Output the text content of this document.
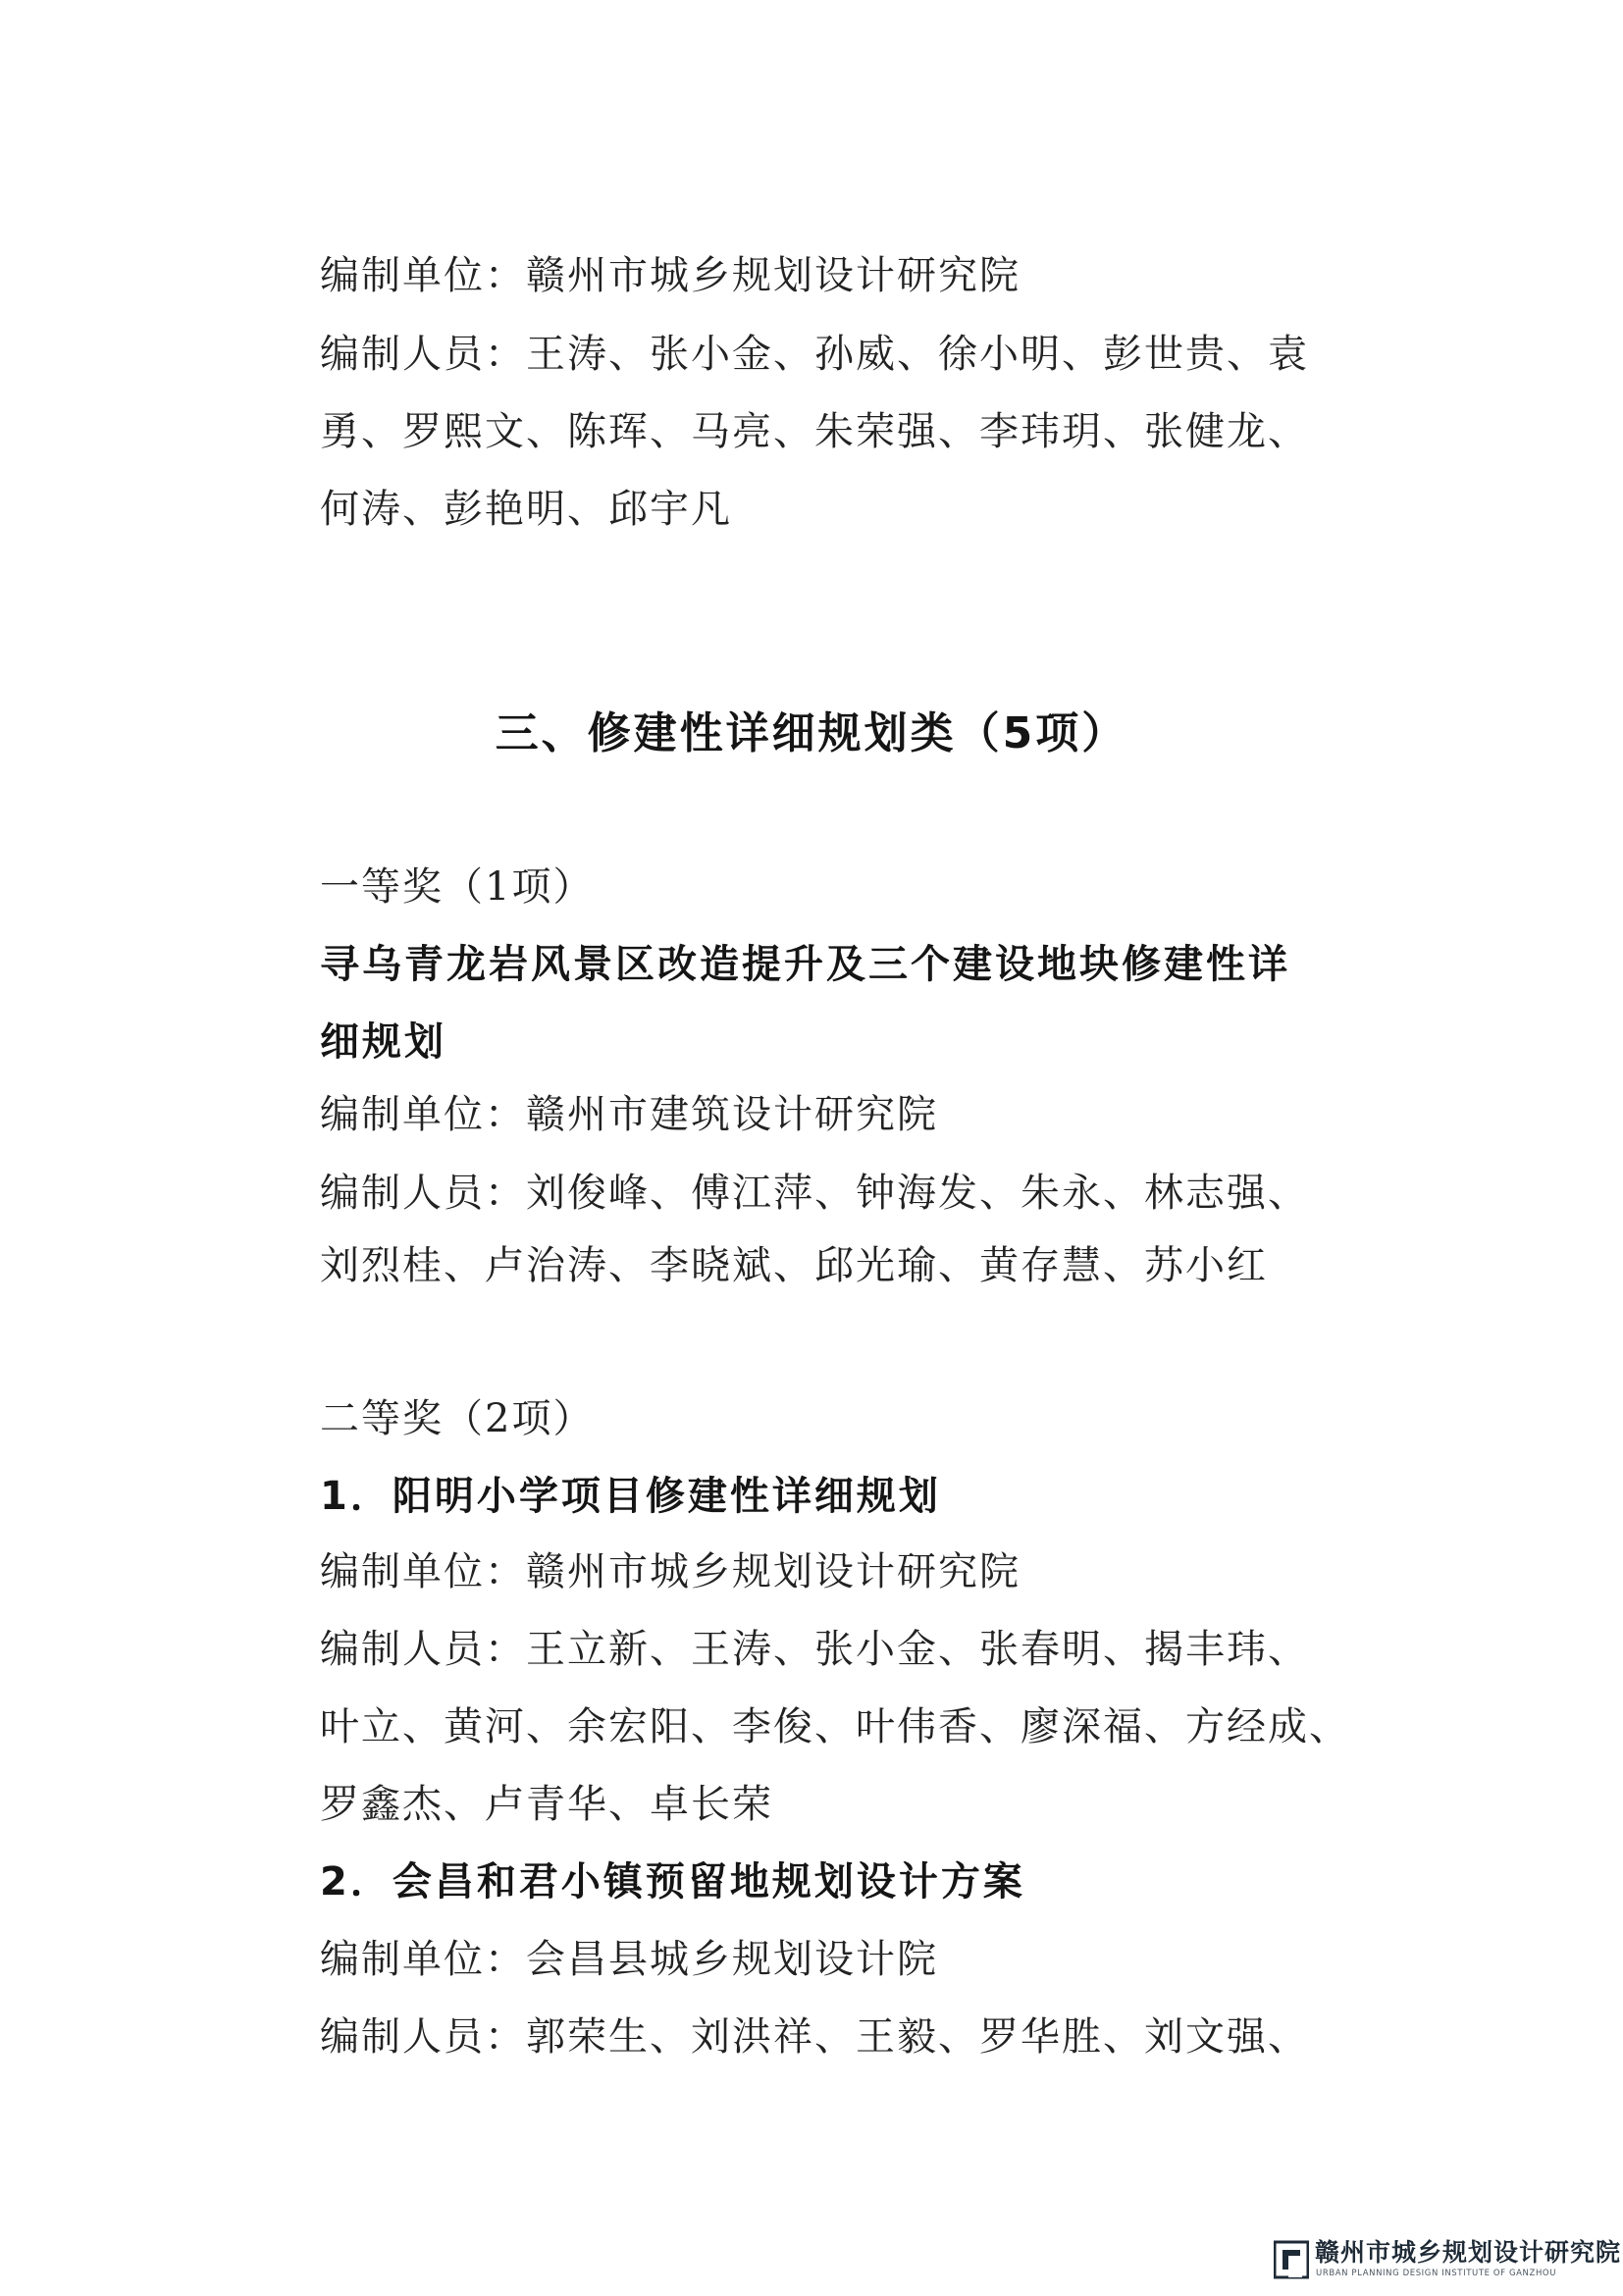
编制单位：赣州市城乡规划设计研究院
编制人员：王涛、张小金、孙威、徐小明、彭世贵、袁
勇、罗熙文、陈珲、马亮、朱荣强、李玮玥、张健龙、
何涛、彭艳明、邱宇凡
三、修建性详细规划类（5项）
一等奖（1项）
寻乌青龙岩风景区改造提升及三个建设地块修建性详
细规划
编制单位：赣州市建筑设计研究院
编制人员：刘俊峰、傅江萍、钟海发、朱永、林志强、
刘烈桂、卢治涛、李晓斌、邱光瑜、黄存慧、苏小红
二等奖（2项）
1．阳明小学项目修建性详细规划
编制单位：赣州市城乡规划设计研究院
编制人员：王立新、王涛、张小金、张春明、揭丰玮、
叶立、黄河、余宏阳、李俊、叶伟香、廖深福、方经成、
罗鑫杰、卢青华、卓长荣
2．会昌和君小镇预留地规划设计方案
编制单位：会昌县城乡规划设计院
编制人员：郭荣生、刘洪祥、王毅、罗华胜、刘文强、
赣州市城乡规划设计研究院
URBAN PLANNING DESIGN INSTITUTE OF GANZHOU
